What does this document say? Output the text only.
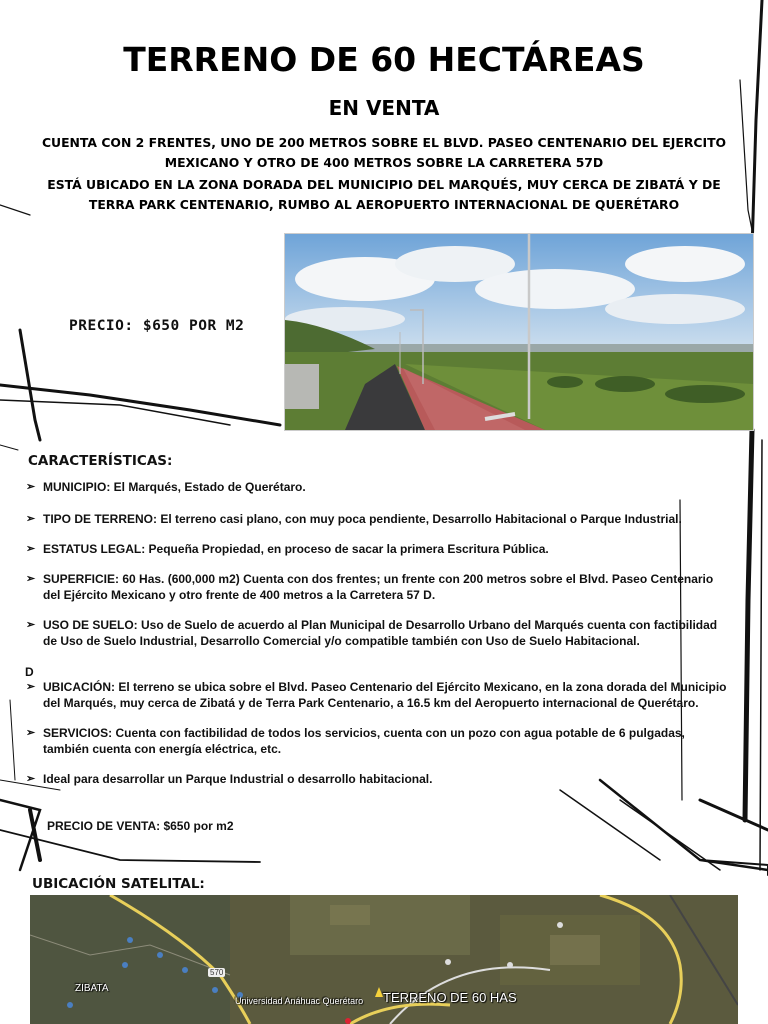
TERRENO DE 60 HECTÁREAS
EN VENTA

CUENTA CON 2 FRENTES, UNO DE 200 METROS SOBRE EL BLVD. PASEO CENTENARIO DEL EJERCITO MEXICANO Y OTRO DE 400 METROS SOBRE LA CARRETERA 57D

ESTÁ UBICADO EN LA ZONA DORADA DEL MUNICIPIO DEL MARQUÉS, MUY CERCA DE ZIBATÁ Y DE TERRA PARK CENTENARIO, RUMBO AL AEROPUERTO INTERNACIONAL DE QUERÉTARO

PRECIO: $650 POR M2
CARACTERÍSTICAS:
➢ MUNICIPIO: El Marqués, Estado de Querétaro.
➢ TIPO DE TERRENO: El terreno casi plano, con muy poca pendiente, Desarrollo Habitacional o Parque Industrial.
➢ ESTATUS LEGAL: Pequeña Propiedad, en proceso de sacar la primera Escritura Pública.
➢ SUPERFICIE: 60 Has. (600,000 m2) Cuenta con dos frentes; un frente con 200 metros sobre el Blvd. Paseo Centenario del Ejército Mexicano y otro frente de 400 metros a la Carretera 57 D.
➢ USO DE SUELO: Uso de Suelo de acuerdo al Plan Municipal de Desarrollo Urbano del Marqués cuenta con factibilidad de Uso de Suelo Industrial, Desarrollo Comercial y/o compatible también con Uso de Suelo Habitacional.
➢ UBICACIÓN: El terreno se ubica sobre el Blvd. Paseo Centenario del Ejército Mexicano, en la zona dorada del Municipio del Marqués, muy cerca de Zibatá y de Terra Park Centenario, a 16.5 km del Aeropuerto internacional de Querétaro.
➢ SERVICIOS: Cuenta con factibilidad de todos los servicios, cuenta con un pozo con agua potable de 6 pulgadas, también cuenta con energía eléctrica, etc.
➢ Ideal para desarrollar un Parque Industrial o desarrollo habitacional.
D
PRECIO DE VENTA: $650 por m2
UBICACIÓN SATELITAL:
ZIBATA
570
Universidad Anáhuac Querétaro TERRENO DE 60 HAS
